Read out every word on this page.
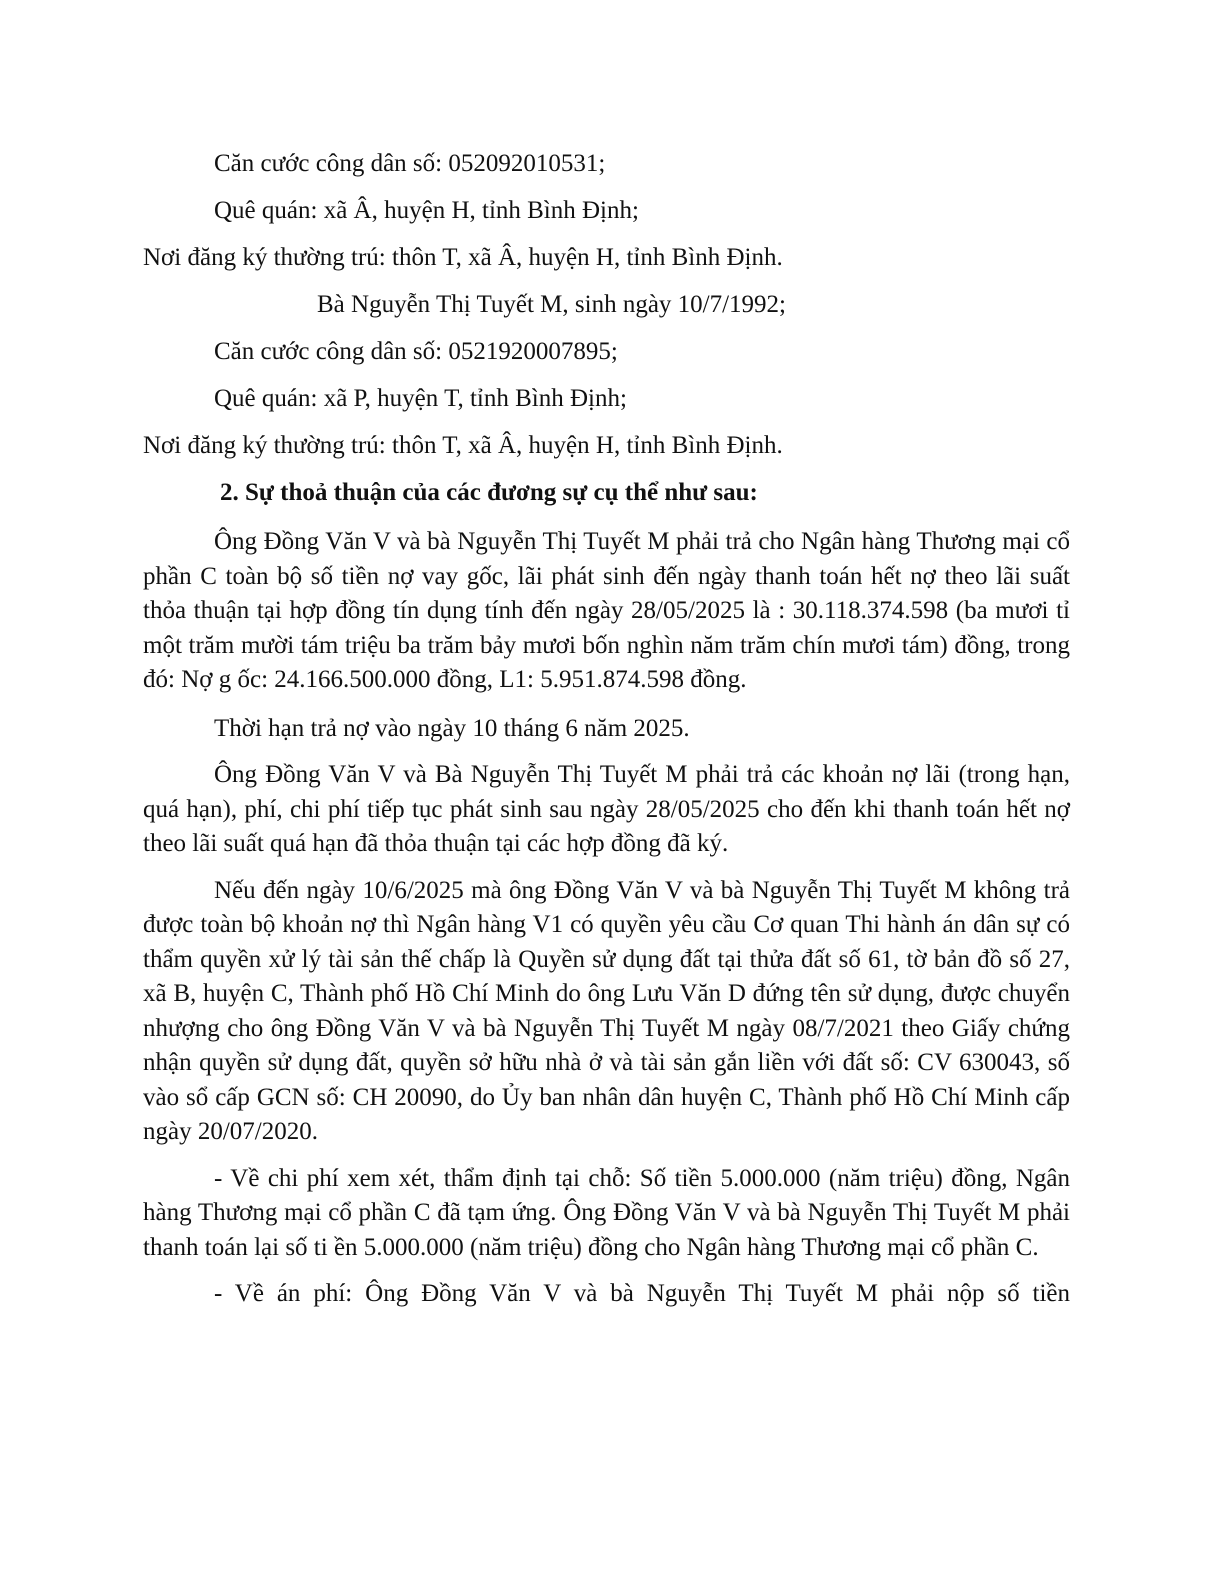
Căn cước công dân số: 052092010531;
Quê quán: xã Â, huyện H, tỉnh Bình Định;
Nơi đăng ký thường trú: thôn T, xã Â, huyện H, tỉnh Bình Định.
Bà Nguyễn Thị Tuyết M, sinh ngày 10/7/1992;
Căn cước công dân số: 0521920007895;
Quê quán: xã P, huyện T, tỉnh Bình Định;
Nơi đăng ký thường trú: thôn T, xã Â, huyện H, tỉnh Bình Định.
2. Sự thoả thuận của các đương sự cụ thể như sau:
Ông Đồng Văn V và bà Nguyễn Thị Tuyết M phải trả cho Ngân hàng Thương mại cổ phần C toàn bộ số tiền nợ vay gốc, lãi phát sinh đến ngày thanh toán hết nợ theo lãi suất thỏa thuận tại hợp đồng tín dụng tính đến ngày 28/05/2025 là : 30.118.374.598 (ba mươi tỉ một trăm mười tám triệu ba trăm bảy mươi bốn nghìn năm trăm chín mươi tám) đồng, trong đó: Nợ g ốc: 24.166.500.000 đồng, L1: 5.951.874.598 đồng.
Thời hạn trả nợ vào ngày 10 tháng 6 năm 2025.
Ông Đồng Văn V và Bà Nguyễn Thị Tuyết M phải trả các khoản nợ lãi (trong hạn, quá hạn), phí, chi phí tiếp tục phát sinh sau ngày 28/05/2025 cho đến khi thanh toán hết nợ theo lãi suất quá hạn đã thỏa thuận tại các hợp đồng đã ký.
Nếu đến ngày 10/6/2025 mà ông Đồng Văn V và bà Nguyễn Thị Tuyết M không trả được toàn bộ khoản nợ thì Ngân hàng V1 có quyền yêu cầu Cơ quan Thi hành án dân sự có thẩm quyền xử lý tài sản thế chấp là Quyền sử dụng đất tại thửa đất số 61, tờ bản đồ số 27, xã B, huyện C, Thành phố Hồ Chí Minh do ông Lưu Văn D đứng tên sử dụng, được chuyển nhượng cho ông Đồng Văn V và bà Nguyễn Thị Tuyết M ngày 08/7/2021 theo Giấy chứng nhận quyền sử dụng đất, quyền sở hữu nhà ở và tài sản gắn liền với đất số: CV 630043, số vào sổ cấp GCN số: CH 20090, do Ủy ban nhân dân huyện C, Thành phố Hồ Chí Minh cấp ngày 20/07/2020.
- Về chi phí xem xét, thẩm định tại chỗ: Số tiền 5.000.000 (năm triệu) đồng, Ngân hàng Thương mại cổ phần C đã tạm ứng. Ông Đồng Văn V và bà Nguyễn Thị Tuyết M phải thanh toán lại số ti ền 5.000.000 (năm triệu) đồng cho Ngân hàng Thương mại cổ phần C.
- Về án phí: Ông Đồng Văn V và bà Nguyễn Thị Tuyết M phải nộp số tiền
